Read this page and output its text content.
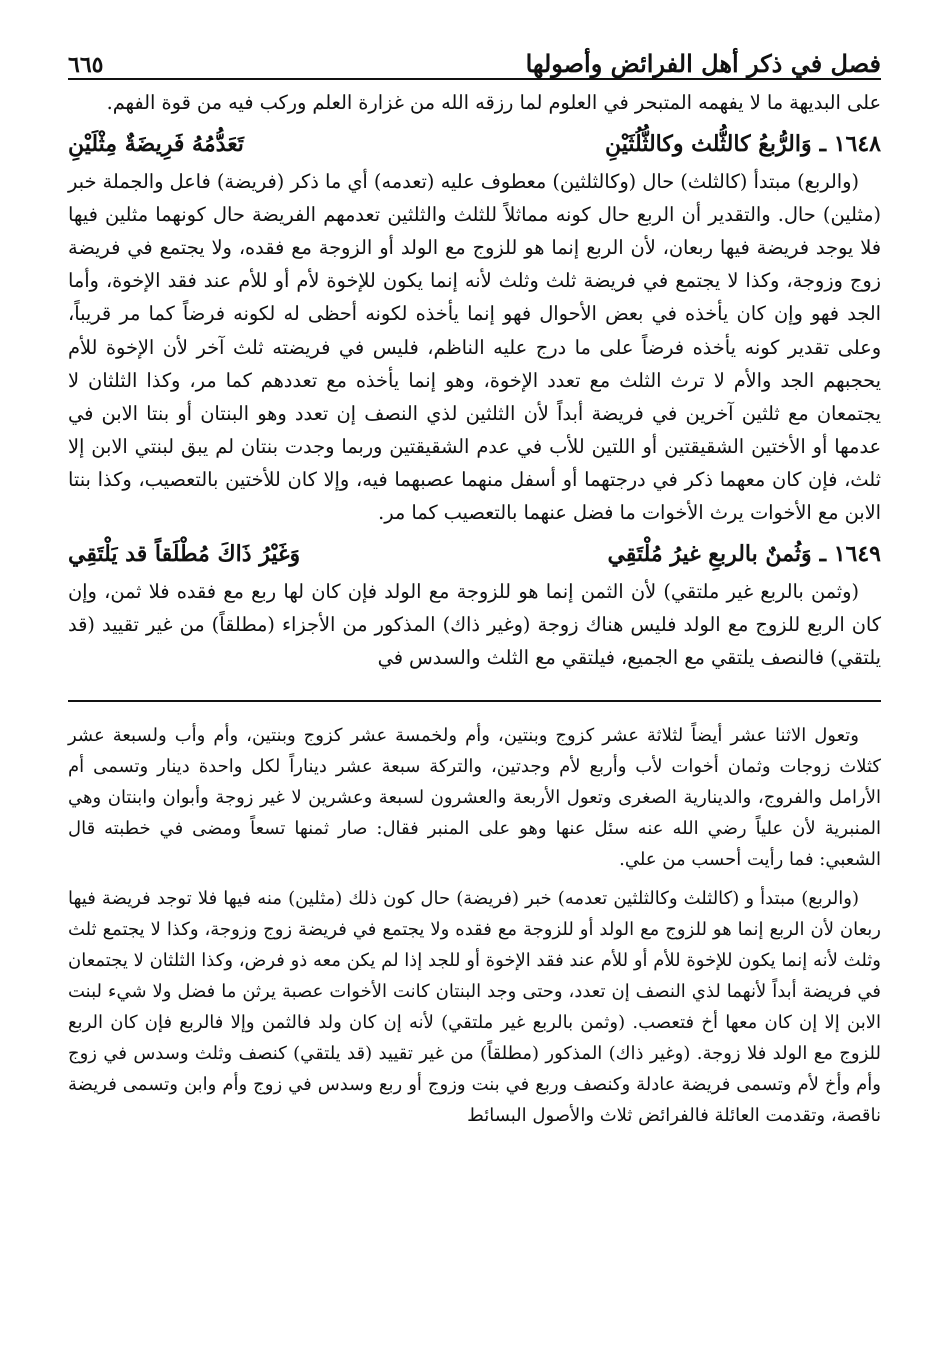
فصل في ذكر أهل الفرائض وأصولها
٦٦٥

على البديهة ما لا يفهمه المتبحر في العلوم لما رزقه الله من غزارة العلم وركب فيه من قوة الفهم.

١٦٤٨ ـ
وَالرُّبعُ كالثُّلث وكالثُّلُثَيْنِ
تَعَدُّمُهُ فَرِيضَةٌ مِثْلَيْنِ

(والربع) مبتدأ (كالثلث) حال (وكالثلثين) معطوف عليه (تعدمه) أي ما ذكر (فريضة) فاعل والجملة خبر (مثلين) حال. والتقدير أن الربع حال كونه مماثلاً للثلث والثلثين تعدمهم الفريضة حال كونهما مثلين فيها فلا يوجد فريضة فيها ربعان، لأن الربع إنما هو للزوج مع الولد أو الزوجة مع فقده، ولا يجتمع في فريضة زوج وزوجة، وكذا لا يجتمع في فريضة ثلث وثلث لأنه إنما يكون للإخوة لأم أو للأم عند فقد الإخوة، وأما الجد فهو وإن كان يأخذه في بعض الأحوال فهو إنما يأخذه لكونه أحظى له لكونه فرضاً كما مر قريباً، وعلى تقدير كونه يأخذه فرضاً على ما درج عليه الناظم، فليس في فريضته ثلث آخر لأن الإخوة للأم يحجبهم الجد والأم لا ترث الثلث مع تعدد الإخوة، وهو إنما يأخذه مع تعددهم كما مر، وكذا الثلثان لا يجتمعان مع ثلثين آخرين في فريضة أبداً لأن الثلثين لذي النصف إن تعدد وهو البنتان أو بنتا الابن في عدمها أو الأختين الشقيقتين أو اللتين للأب في عدم الشقيقتين وربما وجدت بنتان لم يبق لبنتي الابن إلا ثلث، فإن كان معهما ذكر في درجتهما أو أسفل منهما عصبهما فيه، وإلا كان للأختين بالتعصيب، وكذا بنتا الابن مع الأخوات يرث الأخوات ما فضل عنهما بالتعصيب كما مر.

١٦٤٩ ـ
وَثُمنٌ بالربعِ غيرُ مُلْتَقِي
وَغَيْرُ ذَاكَ مُطْلَقاً قد يَلْتَقِي

(وثمن بالربع غير ملتقي) لأن الثمن إنما هو للزوجة مع الولد فإن كان لها ربع مع فقده فلا ثمن، وإن كان الربع للزوج مع الولد فليس هناك زوجة (وغير ذاك) المذكور من الأجزاء (مطلقاً) من غير تقييد (قد يلتقي) فالنصف يلتقي مع الجميع، فيلتقي مع الثلث والسدس في

وتعول الاثنا عشر أيضاً لثلاثة عشر كزوج وبنتين، وأم ولخمسة عشر كزوج وبنتين، وأم وأب ولسبعة عشر كثلاث زوجات وثمان أخوات لأب وأربع لأم وجدتين، والتركة سبعة عشر ديناراً لكل واحدة دينار وتسمى أم الأرامل والفروج، والدينارية الصغرى وتعول الأربعة والعشرون لسبعة وعشرين لا غير زوجة وأبوان وابنتان وهي المنبرية لأن علياً رضي الله عنه سئل عنها وهو على المنبر فقال: صار ثمنها تسعاً ومضى في خطبته قال الشعبي: فما رأيت أحسب من علي.

(والربع) مبتدأ و (كالثلث وكالثلثين تعدمه) خبر (فريضة) حال كون ذلك (مثلين) منه فيها فلا توجد فريضة فيها ربعان لأن الربع إنما هو للزوج مع الولد أو للزوجة مع فقده ولا يجتمع في فريضة زوج وزوجة، وكذا لا يجتمع ثلث وثلث لأنه إنما يكون للإخوة للأم أو للأم عند فقد الإخوة أو للجد إذا لم يكن معه ذو فرض، وكذا الثلثان لا يجتمعان في فريضة أبداً لأنهما لذي النصف إن تعدد، وحتى وجد البنتان كانت الأخوات عصبة يرثن ما فضل ولا شيء لبنت الابن إلا إن كان معها أخ فتعصب. (وثمن بالربع غير ملتقي) لأنه إن كان ولد فالثمن وإلا فالربع فإن كان الربع للزوج مع الولد فلا زوجة. (وغير ذاك) المذكور (مطلقاً) من غير تقييد (قد يلتقي) كنصف وثلث وسدس في زوج وأم وأخ لأم وتسمى فريضة عادلة وكنصف وربع في بنت وزوج أو ربع وسدس في زوج وأم وابن وتسمى فريضة ناقصة، وتقدمت العائلة فالفرائض ثلاث والأصول البسائط
